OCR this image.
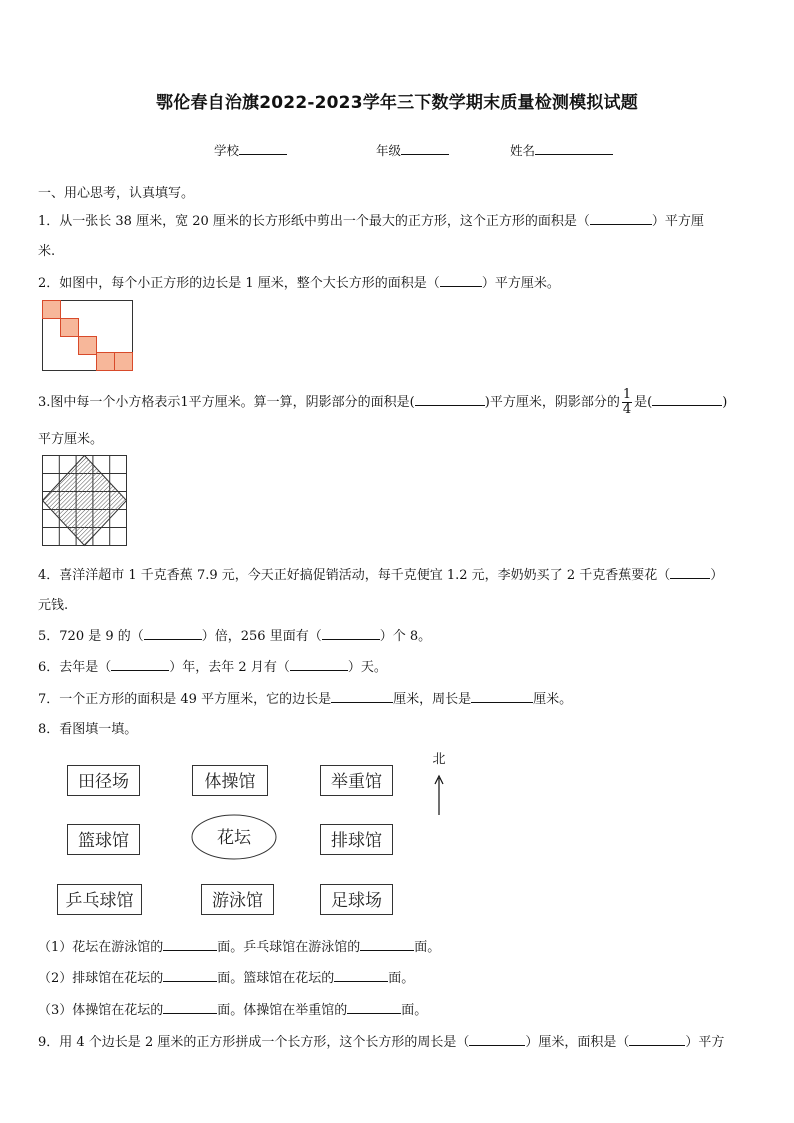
鄂伦春自治旗2022-2023学年三下数学期末质量检测模拟试题
学校	年级	姓名
一、用心思考，认真填写。
1．从一张长 38 厘米，宽 20 厘米的长方形纸中剪出一个最大的正方形，这个正方形的面积是（	）平方厘
米.
2．如图中，每个小正方形的边长是 1 厘米，整个大长方形的面积是（	）平方厘米。
3.图中每一个小方格表示1平方厘米。算一算，阴影部分的面积是(	)平方厘米，阴影部分的 $\frac{1}{4}$ 是(	)
平方厘米。
4．喜洋洋超市 1 千克香蕉 7.9 元，今天正好搞促销活动，每千克便宜 1.2 元，李奶奶买了 2 千克香蕉要花（	）
元钱.
5．720 是 9 的（	）倍，256 里面有（	）个 8。
6．去年是（	）年，去年 2 月有（	）天。
7．一个正方形的面积是 49 平方厘米，它的边长是	厘米，周长是	厘米。
8．看图填一填。
田径场	体操馆	举重馆
篮球馆	花坛	排球馆
乒乓球馆	游泳馆	足球场
北
（1）花坛在游泳馆的	面。乒乓球馆在游泳馆的	面。
（2）排球馆在花坛的	面。篮球馆在花坛的	面。
（3）体操馆在花坛的	面。体操馆在举重馆的	面。
9．用 4 个边长是 2 厘米的正方形拼成一个长方形，这个长方形的周长是（	）厘米，面积是（	）平方
